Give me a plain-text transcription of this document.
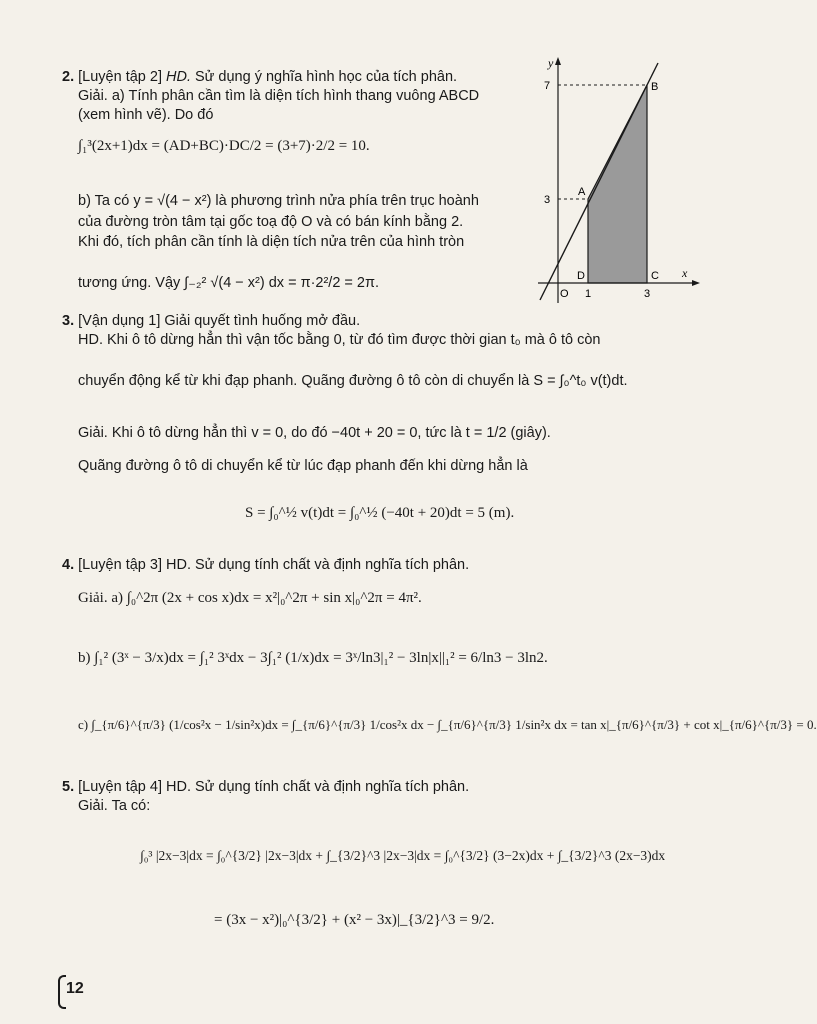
2. [Luyện tập 2] HD. Sử dụng ý nghĩa hình học của tích phân.
Giải. a) Tính phân cần tìm là diện tích hình thang vuông ABCD
(xem hình vẽ). Do đó
∫₁³(2x+1)dx = (AD+BC)·DC/2 = (3+7)·2/2 = 10.
b) Ta có y = √(4 − x²) là phương trình nửa phía trên trục hoành
của đường tròn tâm tại gốc toạ độ O và có bán kính bằng 2.
Khi đó, tích phân cần tính là diện tích nửa trên của hình tròn
tương ứng. Vậy ∫₋₂² √(4 − x²) dx = π·2²/2 = 2π.
y
x
7
3
O 1	3
A
B
C
D
3. [Vận dụng 1] Giải quyết tình huống mở đầu.
HD. Khi ô tô dừng hẳn thì vận tốc bằng 0, từ đó tìm được thời gian t₀ mà ô tô còn
chuyển động kể từ khi đạp phanh. Quãng đường ô tô còn di chuyển là S = ∫₀^t₀ v(t)dt.
Giải. Khi ô tô dừng hẳn thì v = 0, do đó −40t + 20 = 0, tức là t = 1/2 (giây).
Quãng đường ô tô di chuyển kể từ lúc đạp phanh đến khi dừng hẳn là
S = ∫₀^½ v(t)dt = ∫₀^½ (−40t + 20)dt = 5 (m).
4. [Luyện tập 3] HD. Sử dụng tính chất và định nghĩa tích phân.
Giải. a) ∫₀^2π (2x + cos x)dx = x²|₀^2π + sin x|₀^2π = 4π².
b) ∫₁² (3ˣ − 3/x)dx = ∫₁² 3ˣdx − 3∫₁² (1/x)dx = 3ˣ/ln3|₁² − 3ln|x||₁² = 6/ln3 − 3ln2.
c) ∫_{π/6}^{π/3} (1/cos²x − 1/sin²x)dx = ∫_{π/6}^{π/3} 1/cos²x dx − ∫_{π/6}^{π/3} 1/sin²x dx = tan x|_{π/6}^{π/3} + cot x|_{π/6}^{π/3} = 0.
5. [Luyện tập 4] HD. Sử dụng tính chất và định nghĩa tích phân.
Giải. Ta có:
∫₀³ |2x−3|dx = ∫₀^{3/2} |2x−3|dx + ∫_{3/2}^3 |2x−3|dx = ∫₀^{3/2} (3−2x)dx + ∫_{3/2}^3 (2x−3)dx
= (3x − x²)|₀^{3/2} + (x² − 3x)|_{3/2}^3 = 9/2.
12
